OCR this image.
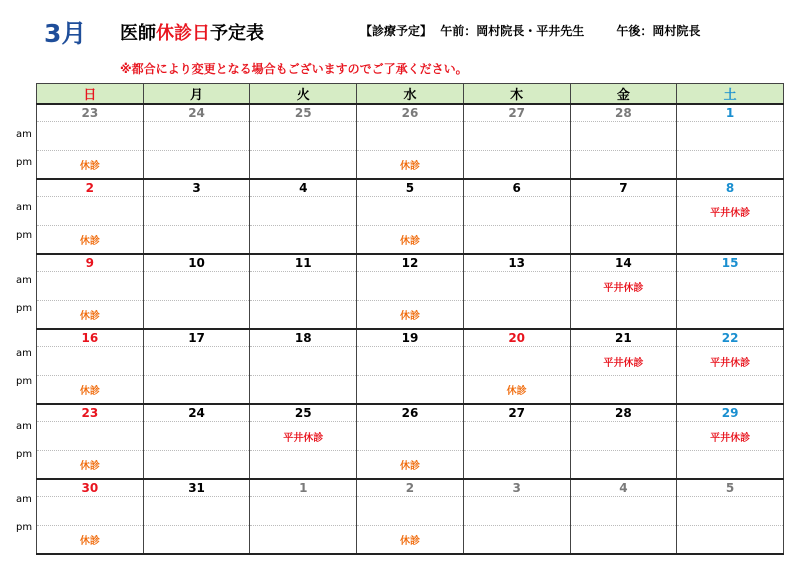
3月 医師休診日予定表	【診療予定】 午前：岡村院長・平井先生	午後：岡村院長
※都合により変更となる場合もございますのでご了承ください。
am
pm
am
pm
am
pm
am
pm
am
pm
am
pm
日	月	火	水	木	金	土
23	24	25	26	27	28	1

休診			休診			
2	3	4	5	6	7	8
						平井休診
休診			休診			
9	10	11	12	13	14	15
					平井休診	
休診			休診			
16	17	18	19	20	21	22
					平井休診	平井休診
休診				休診		
23	24	25	26	27	28	29
		平井休診				平井休診
休診			休診			
30	31	1	2	3	4	5

休診			休診			
